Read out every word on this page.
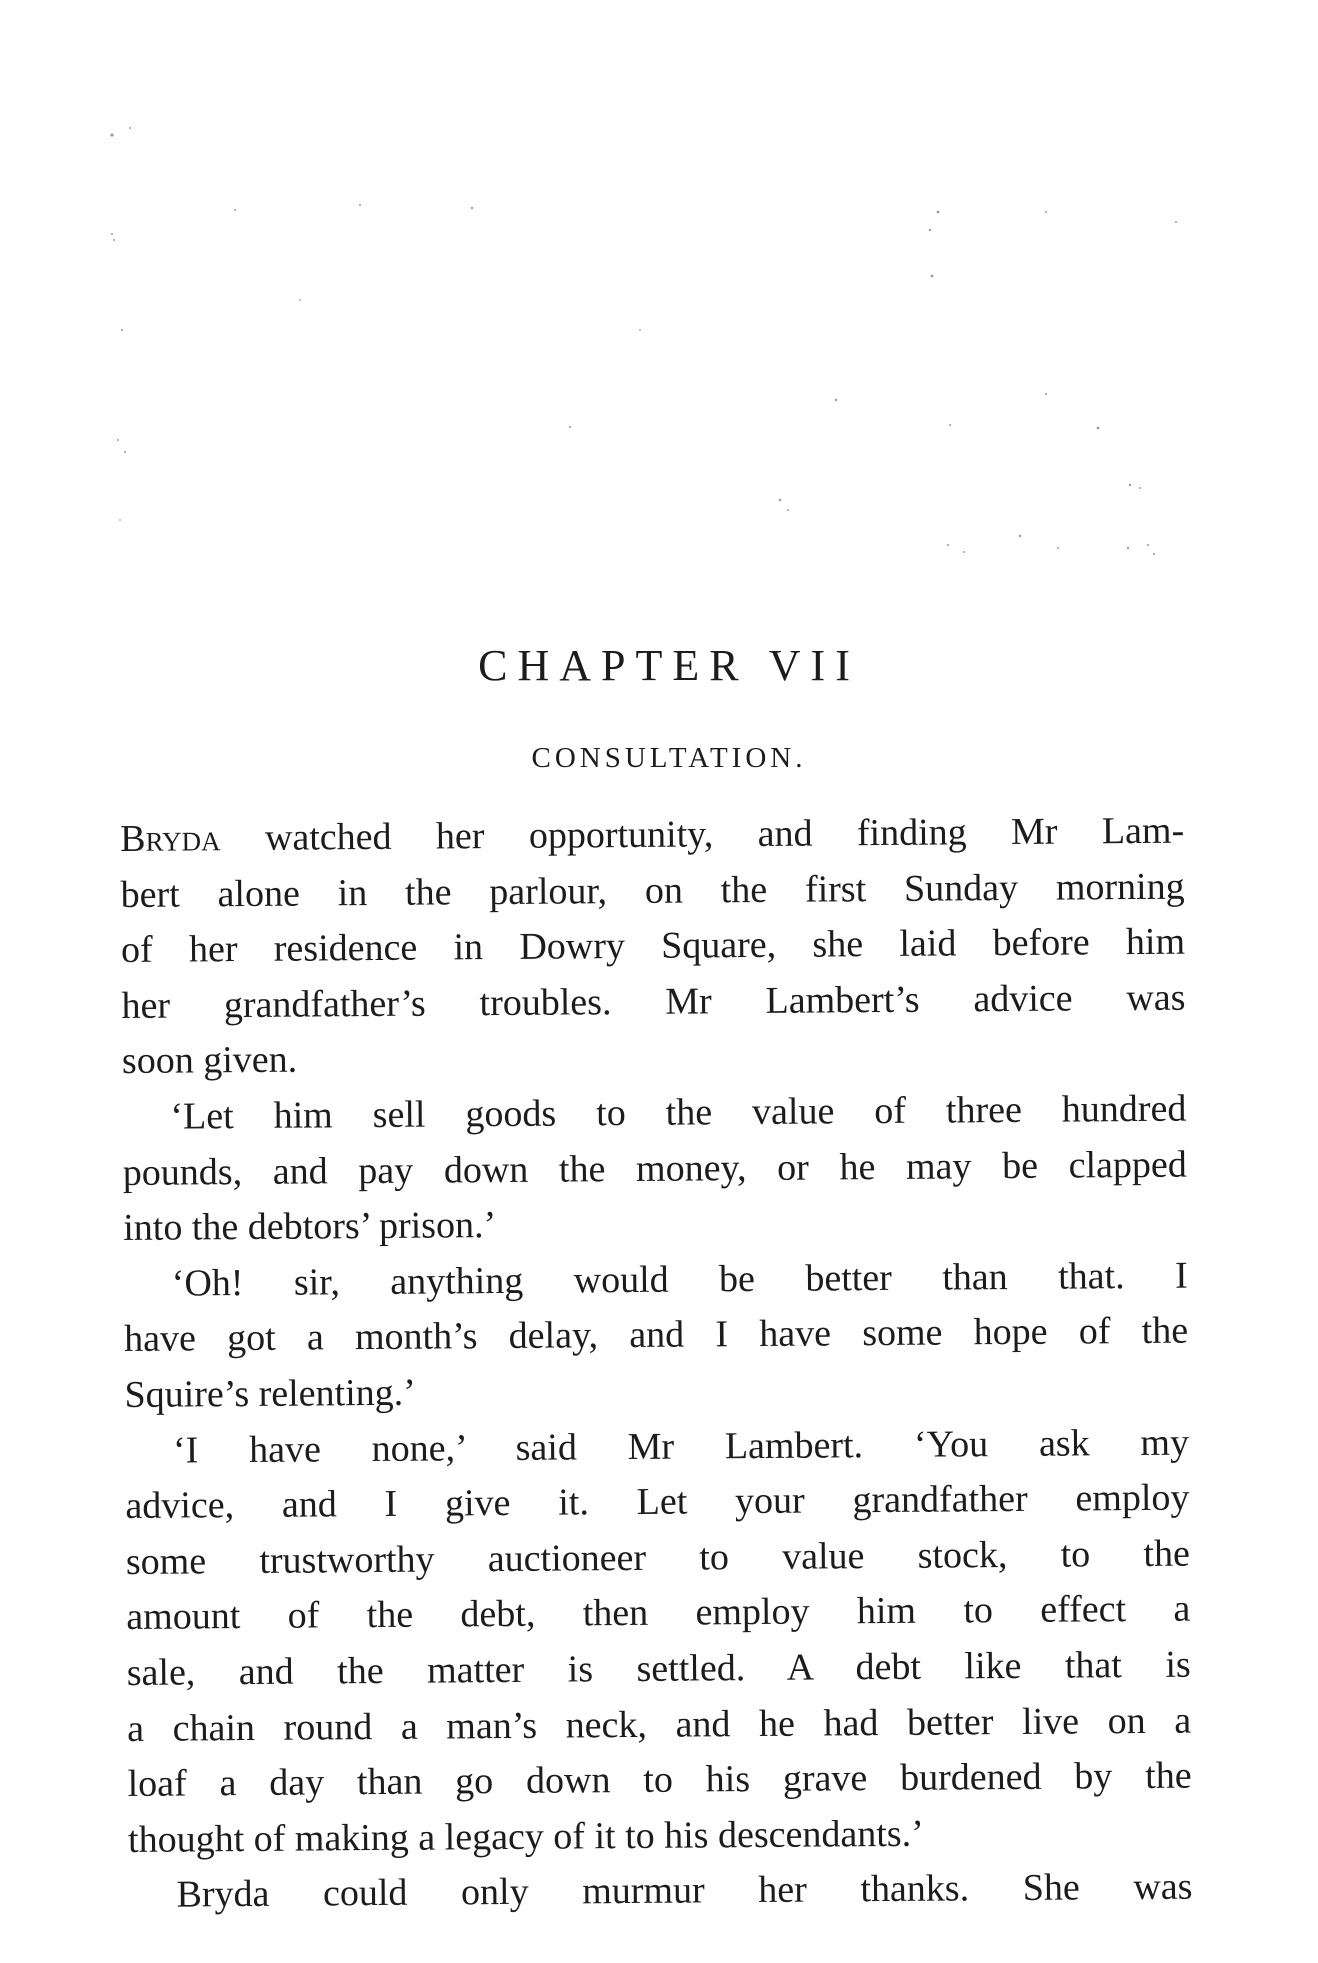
CHAPTER VII
CONSULTATION.
Bryda watched her opportunity, and finding Mr Lam-
bert alone in the parlour, on the first Sunday morning
of her residence in Dowry Square, she laid before him
her grandfather’s troubles. Mr Lambert’s advice was
soon given.
‘Let him sell goods to the value of three hundred
pounds, and pay down the money, or he may be clapped
into the debtors’ prison.’
‘Oh! sir, anything would be better than that. I
have got a month’s delay, and I have some hope of the
Squire’s relenting.’
‘I have none,’ said Mr Lambert. ‘You ask my
advice, and I give it. Let your grandfather employ
some trustworthy auctioneer to value stock, to the
amount of the debt, then employ him to effect a
sale, and the matter is settled. A debt like that is
a chain round a man’s neck, and he had better live on a
loaf a day than go down to his grave burdened by the
thought of making a legacy of it to his descendants.’
Bryda could only murmur her thanks. She was
